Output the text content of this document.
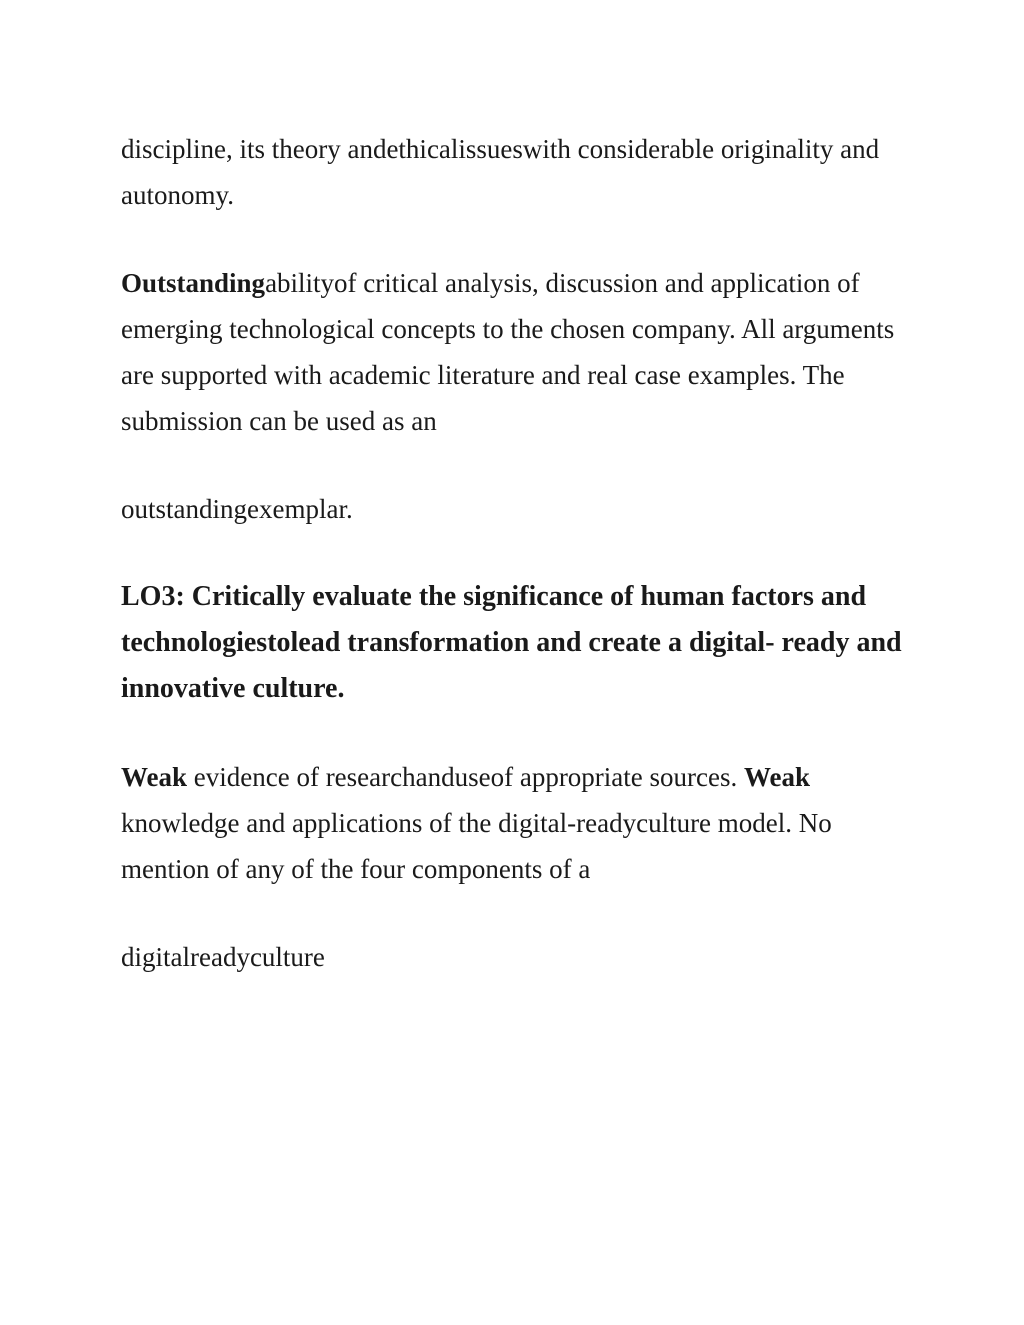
discipline, its theory andethicalissueswith considerable originality and autonomy.

Outstandingabilityof critical analysis, discussion and application of emerging technological concepts to the chosen company. All arguments are supported with academic literature and real case examples. The submission can be used as an

outstandingexemplar.

LO3: Critically evaluate the significance of human factors and technologiestolead transformation and create a digital- ready and innovative culture.

Weak evidence of researchanduseof appropriate sources. Weak knowledge and applications of the digital-readyculture model. No mention of any of the four components of a

digitalreadyculture
